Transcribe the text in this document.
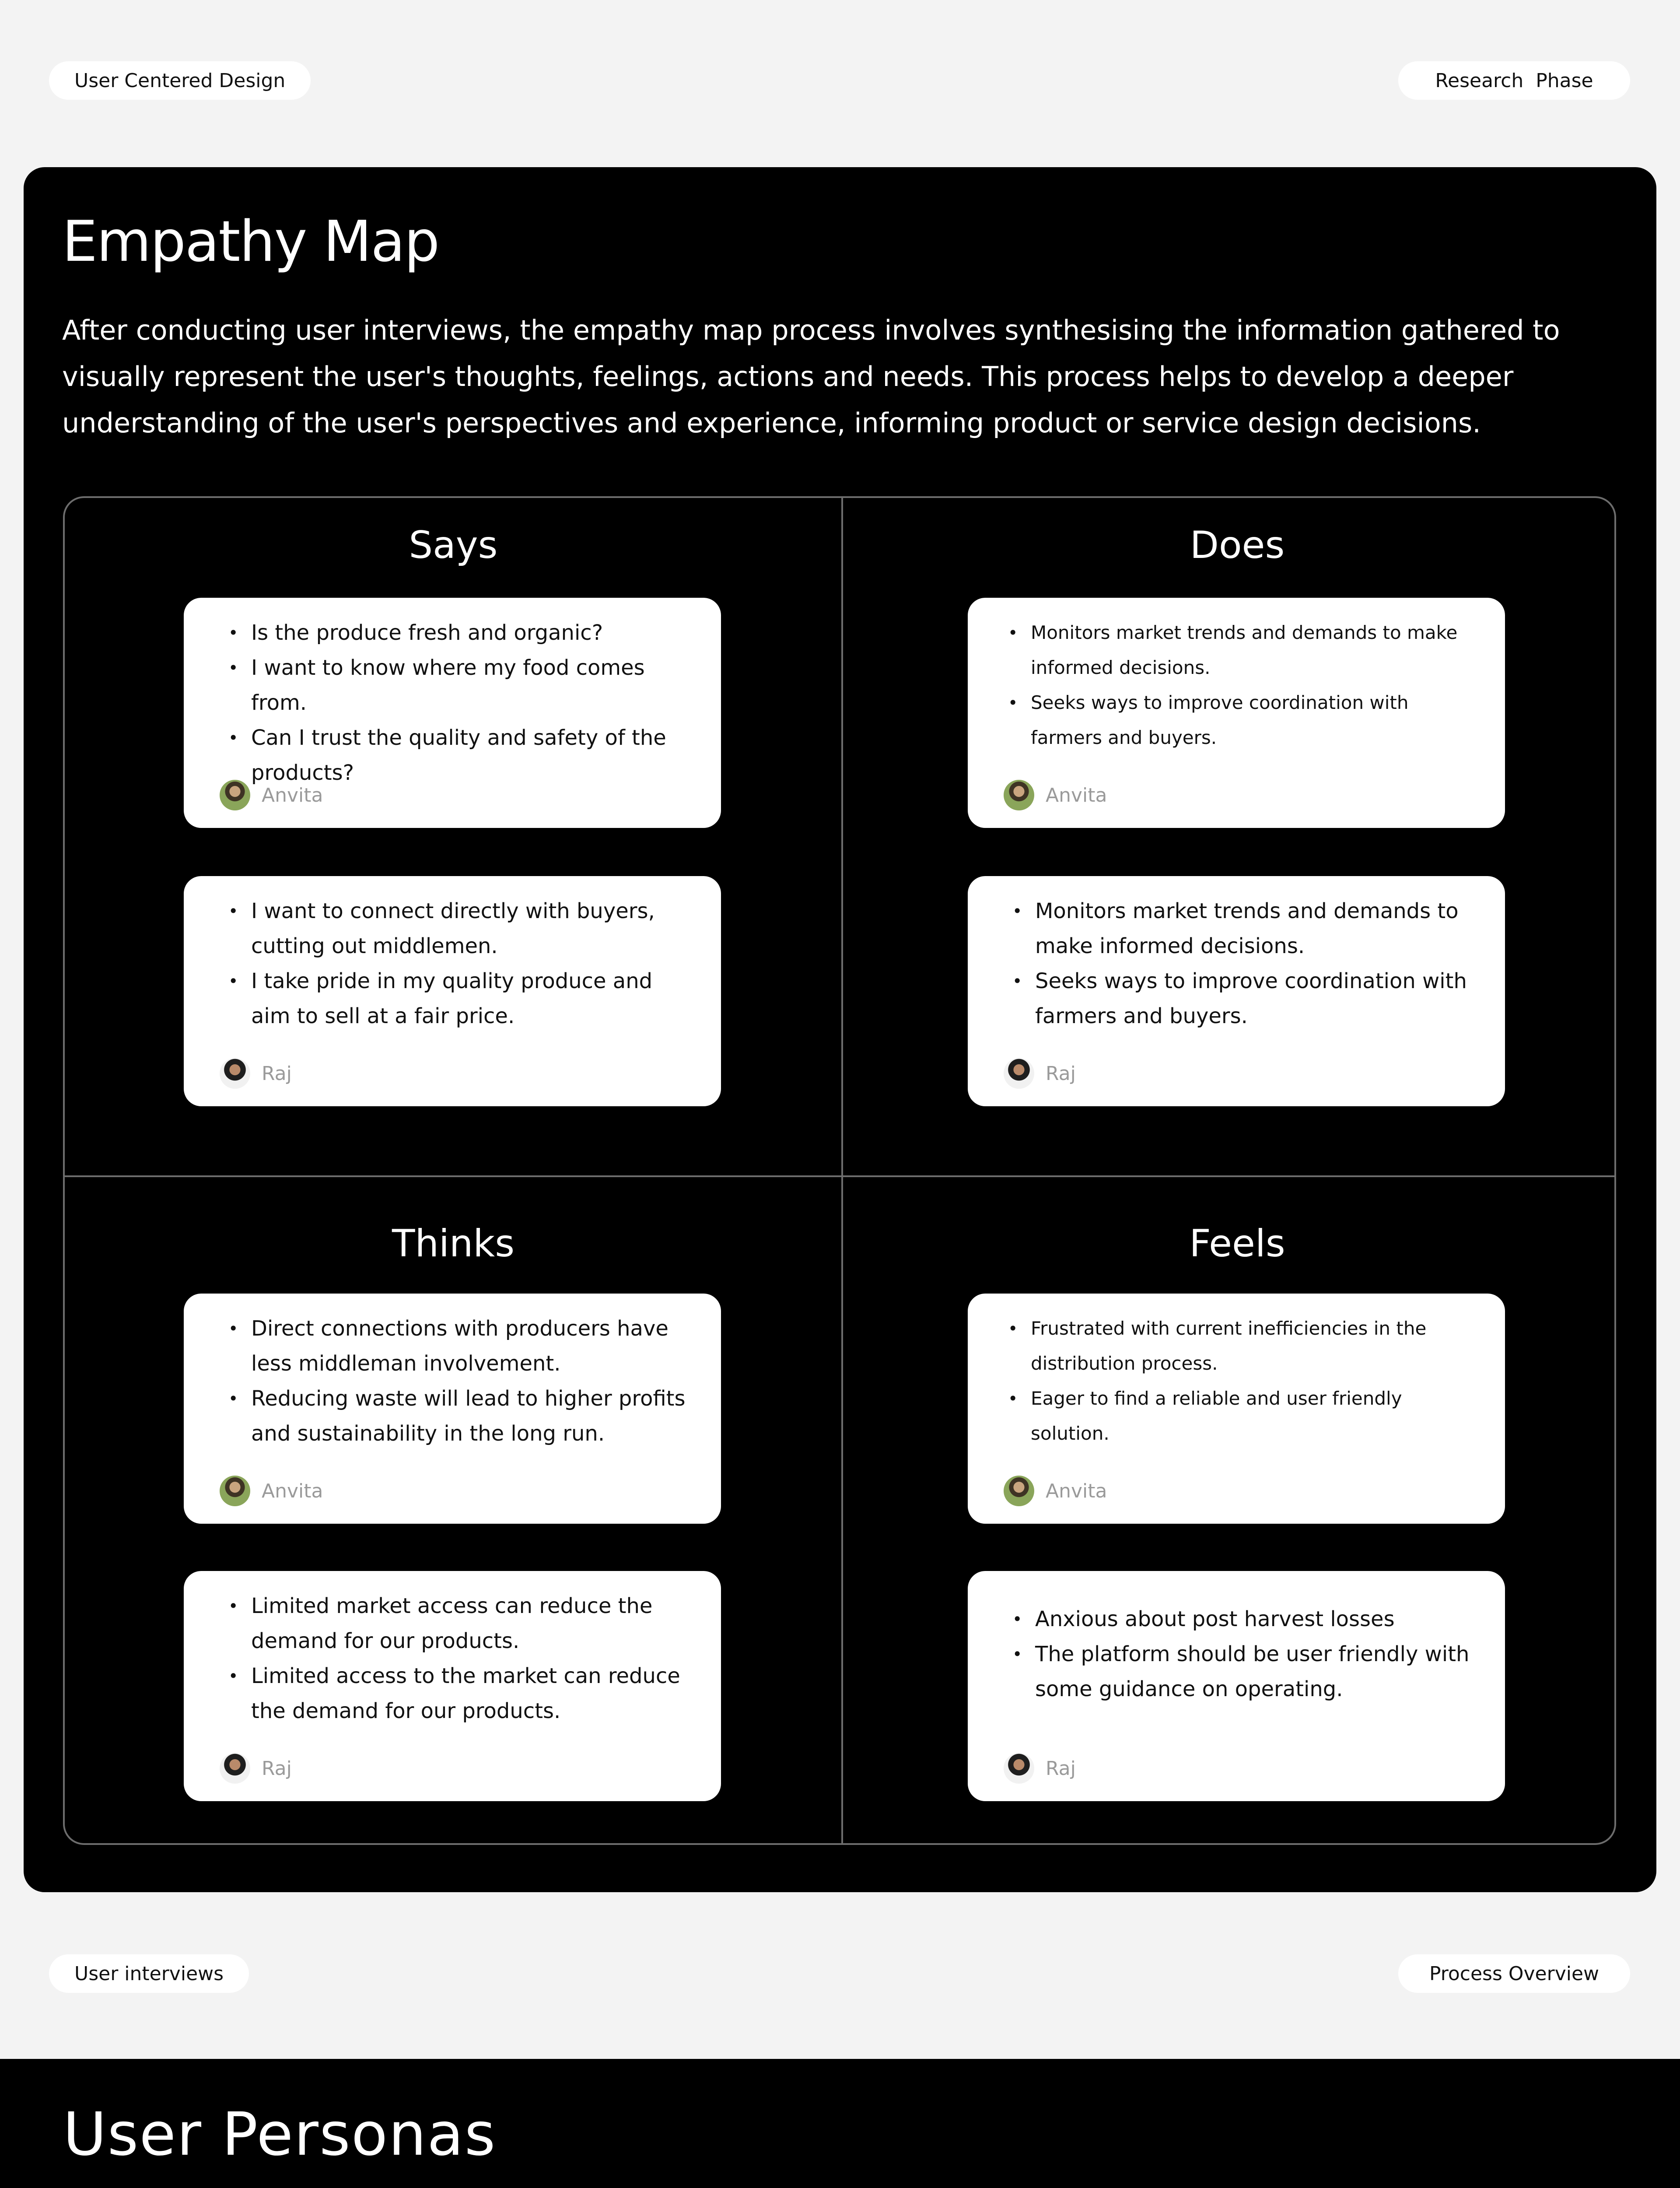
User Centered Design	Research  Phase
Empathy Map
After conducting user interviews, the empathy map process involves synthesising the information gathered to visually represent the user's thoughts, feelings, actions and needs. This process helps to develop a deeper understanding of the user's perspectives and experience, informing product or service design decisions.
Says
• Is the produce fresh and organic?
• I want to know where my food comes from.
• Can I trust the quality and safety of the products?
Anvita
• I want to connect directly with buyers, cutting out middlemen.
• I take pride in my quality produce and aim to sell at a fair price.
Raj
Does
• Monitors market trends and demands to make informed decisions.
• Seeks ways to improve coordination with farmers and buyers.
Anvita
• Monitors market trends and demands to make informed decisions.
• Seeks ways to improve coordination with farmers and buyers.
Raj
Thinks
• Direct connections with producers have less middleman involvement.
• Reducing waste will lead to higher profits and sustainability in the long run.
Anvita
• Limited market access can reduce the demand for our products.
• Limited access to the market can reduce the demand for our products.
Raj
Feels
• Frustrated with current inefficiencies in the distribution process.
• Eager to find a reliable and user friendly solution.
Anvita
• Anxious about post harvest losses
• The platform should be user friendly with some guidance on operating.
Raj
User interviews	Process Overview
User Personas
